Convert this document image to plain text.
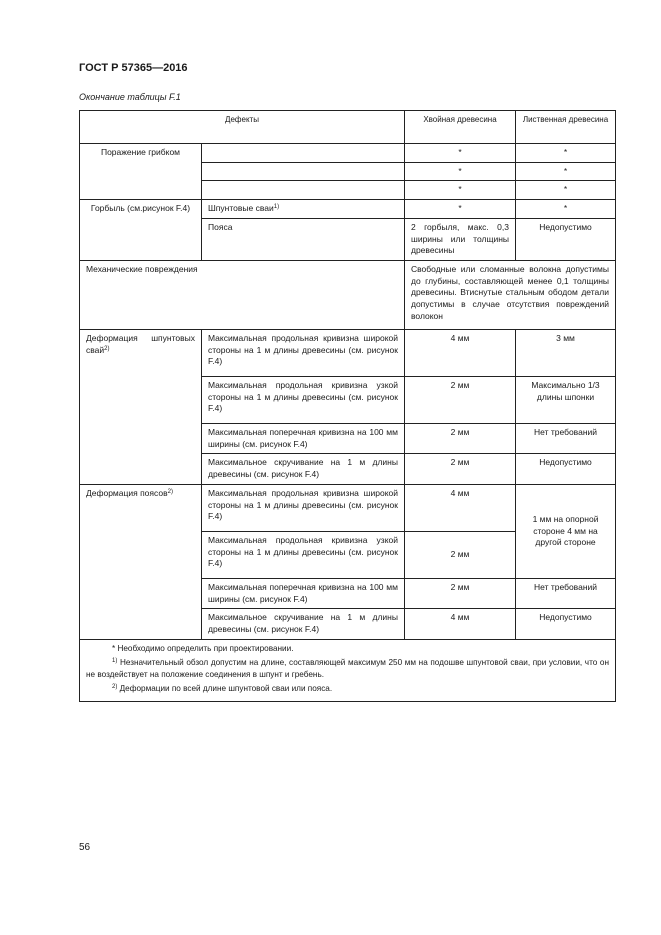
ГОСТ Р 57365—2016
Окончание таблицы F.1
Дефекты		Хвойная древесина	Лиственная древесина
Поражение грибком		*	*
		*	*
		*	*
Горбыль (см.рисунок F.4)	Шпунтовые сваи$^{1)}$	*	*
	Пояса	2 горбыля, макс. 0,3 ширины или толщины древесины	Недопустимо
Механические повреждения		Свободные или сломанные волокна допустимы до глубины, составляющей менее 0,1 толщины древесины. Втиснутые стальным ободом детали допустимы в случае отсутствия повреждений волокон	
Деформация шпунтовых свай$^{2)}$	Максимальная продольная кривизна широкой стороны на 1 м длины древесины (см. рисунок F.4)	4 мм	3 мм
	Максимальная продольная кривизна узкой стороны на 1 м длины древесины (см. рисунок F.4)	2 мм	Максимально 1/3 длины шпонки
	Максимальная поперечная кривизна на 100 мм ширины (см. рисунок F.4)	2 мм	Нет требований
	Максимальное скручивание на 1 м длины древесины (см. рисунок F.4)	2 мм	Недопустимо
Деформация поясов$^{2)}$	Максимальная продольная кривизна широкой стороны на 1 м длины древесины (см. рисунок F.4)	4 мм	1 мм на опорной стороне 4 мм на другой стороне
	Максимальная продольная кривизна узкой стороны на 1 м длины древесины (см. рисунок F.4)	2 мм	
	Максимальная поперечная кривизна на 100 мм ширины (см. рисунок F.4)	2 мм	Нет требований
	Максимальное скручивание на 1 м длины древесины (см. рисунок F.4)	4 мм	Недопустимо

* Необходимо определить при проектировании.
$^{1)}$ Незначительный обзол допустим на длине, составляющей максимум 250 мм на подошве шпунтовой сваи, при условии, что он не воздействует на положение соединения в шпунт и гребень.
$^{2)}$ Деформации по всей длине шпунтовой сваи или пояса.			
56
